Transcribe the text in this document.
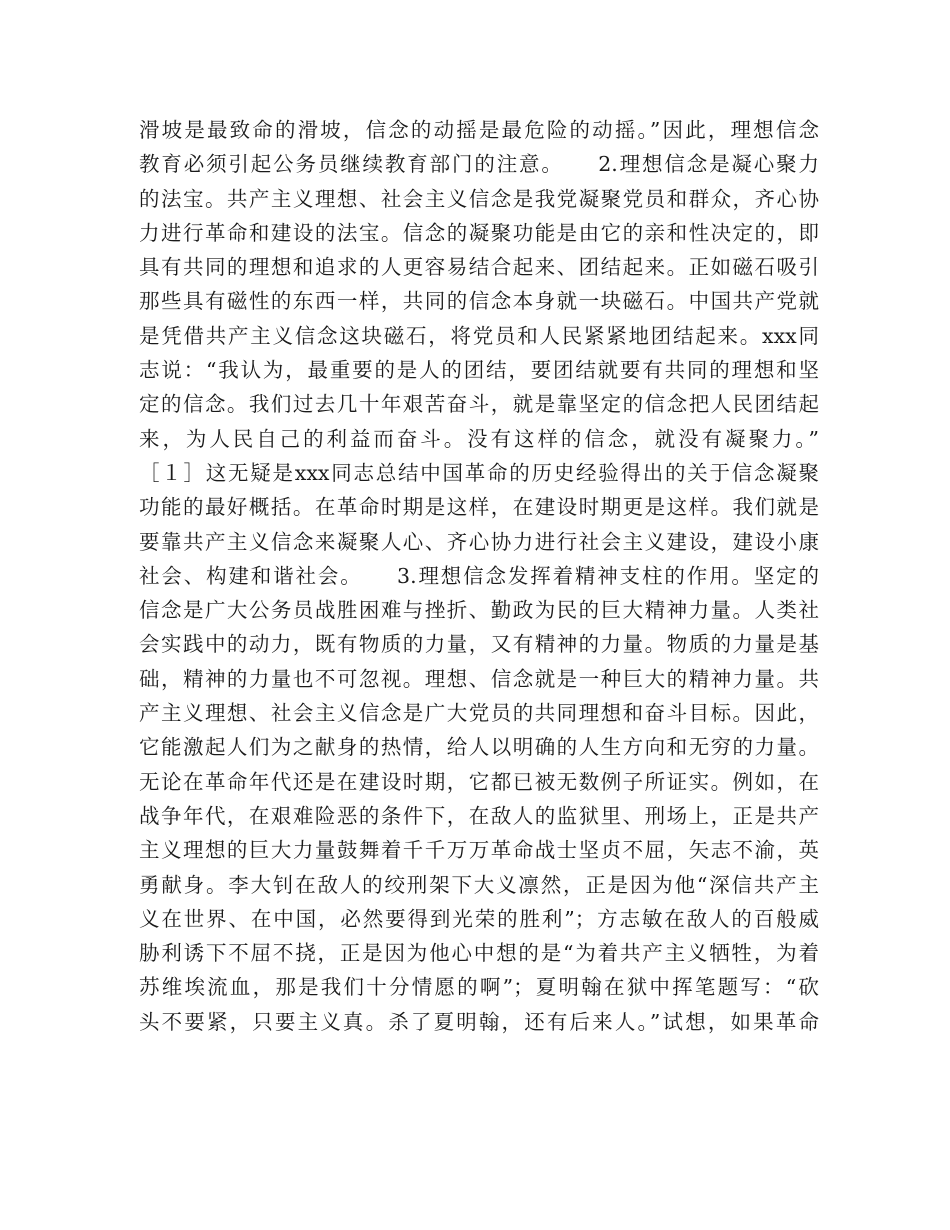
滑坡是最致命的滑坡，信念的动摇是最危险的动摇。”因此，理想信念
教育必须引起公务员继续教育部门的注意。　　2.理想信念是凝心聚力
的法宝。共产主义理想、社会主义信念是我党凝聚党员和群众，齐心协
力进行革命和建设的法宝。信念的凝聚功能是由它的亲和性决定的，即
具有共同的理想和追求的人更容易结合起来、团结起来。正如磁石吸引
那些具有磁性的东西一样，共同的信念本身就一块磁石。中国共产党就
是凭借共产主义信念这块磁石，将党员和人民紧紧地团结起来。xxx同
志说：“我认为，最重要的是人的团结，要团结就要有共同的理想和坚
定的信念。我们过去几十年艰苦奋斗，就是靠坚定的信念把人民团结起
来，为人民自己的利益而奋斗。没有这样的信念，就没有凝聚力。”
［１］这无疑是xxx同志总结中国革命的历史经验得出的关于信念凝聚
功能的最好概括。在革命时期是这样，在建设时期更是这样。我们就是
要靠共产主义信念来凝聚人心、齐心协力进行社会主义建设，建设小康
社会、构建和谐社会。　　3.理想信念发挥着精神支柱的作用。坚定的
信念是广大公务员战胜困难与挫折、勤政为民的巨大精神力量。人类社
会实践中的动力，既有物质的力量，又有精神的力量。物质的力量是基
础，精神的力量也不可忽视。理想、信念就是一种巨大的精神力量。共
产主义理想、社会主义信念是广大党员的共同理想和奋斗目标。因此，
它能激起人们为之献身的热情，给人以明确的人生方向和无穷的力量。
无论在革命年代还是在建设时期，它都已被无数例子所证实。例如，在
战争年代，在艰难险恶的条件下，在敌人的监狱里、刑场上，正是共产
主义理想的巨大力量鼓舞着千千万万革命战士坚贞不屈，矢志不渝，英
勇献身。李大钊在敌人的绞刑架下大义凛然，正是因为他“深信共产主
义在世界、在中国，必然要得到光荣的胜利”；方志敏在敌人的百般威
胁利诱下不屈不挠，正是因为他心中想的是“为着共产主义牺牲，为着
苏维埃流血，那是我们十分情愿的啊”；夏明翰在狱中挥笔题写：“砍
头不要紧，只要主义真。杀了夏明翰，还有后来人。”试想，如果革命
